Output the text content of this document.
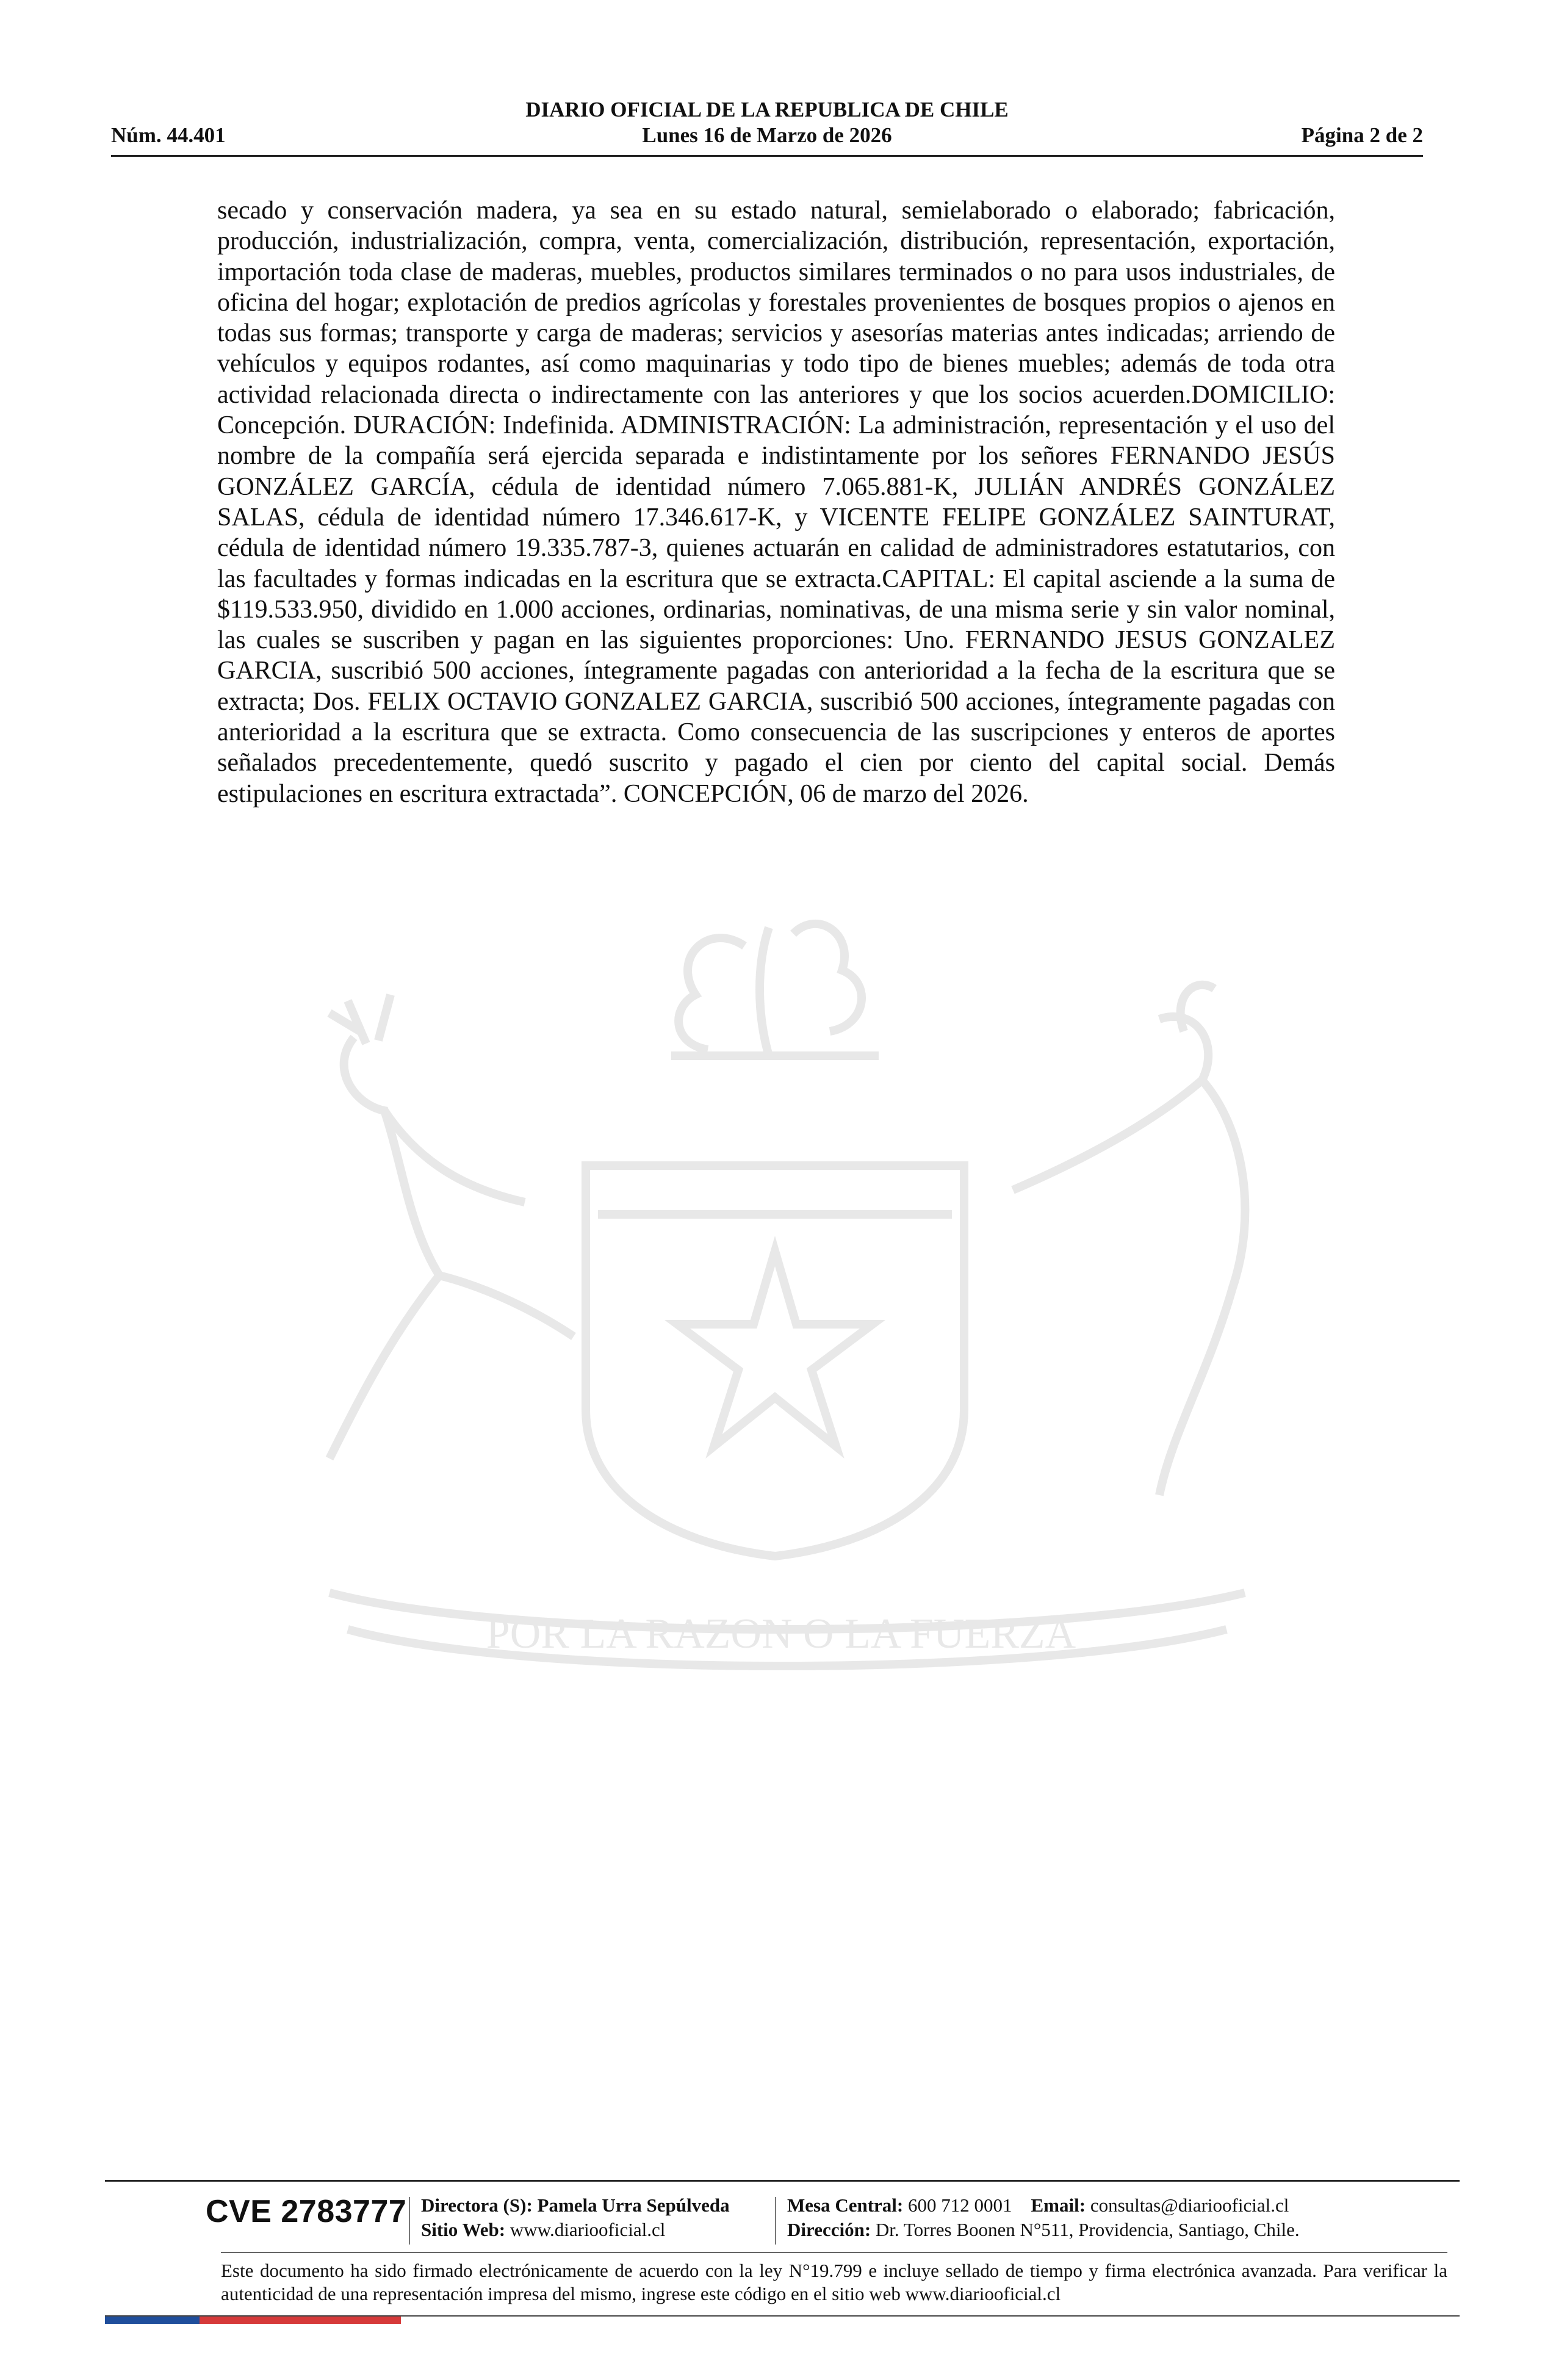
DIARIO OFICIAL DE LA REPUBLICA DE CHILE
Núm. 44.401	Lunes 16 de Marzo de 2026	Página 2 de 2
POR LA RAZON O LA FUERZA

secado y conservación madera, ya sea en su estado natural, semielaborado o elaborado; fabricación, producción, industrialización, compra, venta, comercialización, distribución, representación, exportación, importación toda clase de maderas, muebles, productos similares terminados o no para usos industriales, de oficina del hogar; explotación de predios agrícolas y forestales provenientes de bosques propios o ajenos en todas sus formas; transporte y carga de maderas; servicios y asesorías materias antes indicadas; arriendo de vehículos y equipos rodantes, así como maquinarias y todo tipo de bienes muebles; además de toda otra actividad relacionada directa o indirectamente con las anteriores y que los socios acuerden.DOMICILIO: Concepción. DURACIÓN: Indefinida. ADMINISTRACIÓN: La administración, representación y el uso del nombre de la compañía será ejercida separada e indistintamente por los señores FERNANDO JESÚS GONZÁLEZ GARCÍA, cédula de identidad número 7.065.881-K, JULIÁN ANDRÉS GONZÁLEZ SALAS, cédula de identidad número 17.346.617-K, y VICENTE FELIPE GONZÁLEZ SAINTURAT, cédula de identidad número 19.335.787-3, quienes actuarán en calidad de administradores estatutarios, con las facultades y formas indicadas en la escritura que se extracta.CAPITAL: El capital asciende a la suma de $119.533.950, dividido en 1.000 acciones, ordinarias, nominativas, de una misma serie y sin valor nominal, las cuales se suscriben y pagan en las siguientes proporciones: Uno. FERNANDO JESUS GONZALEZ GARCIA, suscribió 500 acciones, íntegramente pagadas con anterioridad a la fecha de la escritura que se extracta; Dos. FELIX OCTAVIO GONZALEZ GARCIA, suscribió 500 acciones, íntegramente pagadas con anterioridad a la escritura que se extracta. Como consecuencia de las suscripciones y enteros de aportes señalados precedentemente, quedó suscrito y pagado el cien por ciento del capital social. Demás estipulaciones en escritura extractada”. CONCEPCIÓN, 06 de marzo del 2026.

CVE 2783777 Directora (S): Pamela Urra Sepúlveda
Sitio Web: www.diariooficial.cl
Mesa Central: 600 712 0001 Email: consultas@diariooficial.cl
Dirección: Dr. Torres Boonen N°511, Providencia, Santiago, Chile.
Este documento ha sido firmado electrónicamente de acuerdo con la ley N°19.799 e incluye sellado de tiempo y firma electrónica avanzada. Para verificar la autenticidad de una representación impresa del mismo, ingrese este código en el sitio web www.diariooficial.cl
